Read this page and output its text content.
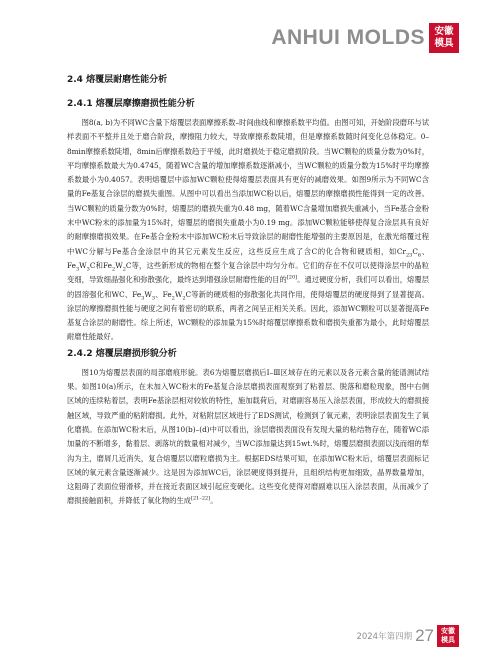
ANHUI MOLDS 安徽
模具
2.4 熔覆层耐磨性能分析
2.4.1 熔覆层摩擦磨损性能分析

图8(a, b)为不同WC含量下熔覆层表面摩擦系数–时间曲线和摩擦系数平均值。由图可知，开始阶段磨环与试样表面不平整并且处于磨合阶段，摩擦阻力较大，导致摩擦系数陡增，但是摩擦系数随时间变化总体稳定。0–8min摩擦系数陡增，8min后摩擦系数趋于平缓，此时磨损处于稳定磨损阶段。当WC颗粒的质量分数为0%时，平均摩擦系数最大为0.4745，随着WC含量的增加摩擦系数逐渐减小，当WC颗粒的质量分数为15%时平均摩擦系数最小为0.4057。表明熔覆层中添加WC颗粒使得熔覆层表面具有更好的减磨效果。如图9所示为不同WC含量的Fe基复合涂层的磨损失重图。从图中可以看出当添加WC粉以后，熔覆层的摩擦磨损性能得到一定的改善。当WC颗粒的质量分数为0%时，熔覆层的磨损失重为0.48 mg，随着WC含量增加磨损失重减小，当Fe基合金粉末中WC粉末的添加量为15%时，熔覆层的磨损失重最小为0.19 mg。添加WC颗粒能够使得复合涂层具有良好的耐摩擦磨损效果。在Fe基合金粉末中添加WC粉末后导致涂层的耐磨性能增强的主要原因是，在激光熔覆过程中WC分解与Fe基合金涂层中的其它元素发生反应，这些反应生成了含C的化合物和硬质相，如$Cr_{23}C_6$、$Fe_3W_3C$和$Fe_2W_2C$等，这些新形成的物相在整个复合涂层中均匀分布。它们的存在不仅可以使得涂层中的晶粒变细，导致细晶强化和弥散强化，最终达到增强涂层耐磨性能的目的[20]。通过硬度分析，我们可以看出，熔覆层的固溶强化和WC、$Fe_3W_3$、$Fe_2W_2C$等新的硬质相的弥散强化共同作用，使得熔覆层的硬度得到了显著提高。涂层的摩擦磨损性能与硬度之间有着密切的联系，两者之间呈正相关关系。因此，添加WC颗粒可以显著提高Fe基复合涂层的耐磨性。综上所述，WC颗粒的添加量为15%时熔覆层摩擦系数和磨损失重都为最小，此时熔覆层耐磨性能最好。

2.4.2 熔覆层磨损形貌分析

图10为熔覆层表面的局部磨痕形貌。表6为熔覆层磨损后I–Ⅲ区域存在的元素以及各元素含量的能谱测试结果。如图10(a)所示，在未加入WC粉末的Fe基复合涂层磨损表面观察到了粘着层、脱落和磨粒现象，图中右侧区域的连续粘着层，表明Fe基涂层相对较软的特性，施加载荷后，对磨副容易压入涂层表面，形成较大的磨损接触区域，导致严重的粘附磨损。此外，对粘附层区域进行了EDS测试，检测到了氧元素，表明涂层表面发生了氧化磨损。在添加WC粉末后，从图10(b)–(d)中可以看出，涂层磨损表面没有发现大量的粘结物存在，随着WC添加量的不断增多，黏着层、剥落坑的数量相对减少，当WC添加量达到15wt.%时，熔覆层磨损表面以浅而细的犁沟为主，磨屑几近消失，复合熔覆层以磨粒磨损为主。根据EDS结果可知，在添加WC粉末后，熔覆层表面标记区域的氧元素含量逐渐减少。这是因为添加WC后，涂层硬度得到提升，且组织结构更加细致，晶界数量增加，这阻碍了表面位错滑移，并在接近表面区域引起应变硬化。这些变化使得对磨副难以压入涂层表面，从而减少了磨损接触面积，并降低了氧化物的生成[21–22]。

2024年第四期 27 安徽
模具
